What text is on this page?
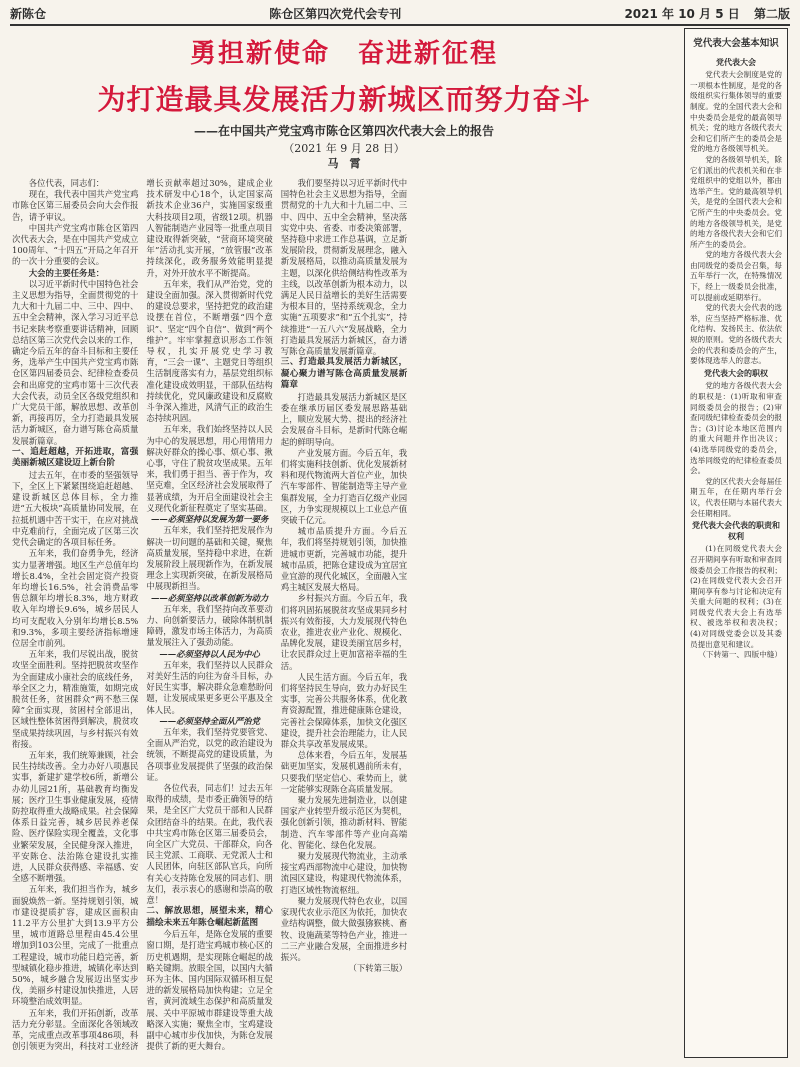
新陈仓	陈仓区第四次党代会专刊	2021 年 10 月 5 日 第二版
勇担新使命　奋进新征程
为打造最具发展活力新城区而努力奋斗
——在中国共产党宝鸡市陈仓区第四次代表大会上的报告
（2021 年 9 月 28 日）
马　霄

各位代表，同志们：

现在，我代表中国共产党宝鸡市陈仓区第三届委员会向大会作报告，请予审议。

中国共产党宝鸡市陈仓区第四次代表大会，是在中国共产党成立100周年、“十四五”开局之年召开的一次十分重要的会议。

大会的主要任务是：

以习近平新时代中国特色社会主义思想为指导，全面贯彻党的十九大和十九届二中、三中、四中、五中全会精神，深入学习习近平总书记来陕考察重要讲话精神，回顾总结区第三次党代会以来的工作，确定今后五年的奋斗目标和主要任务，选举产生中国共产党宝鸡市陈仓区第四届委员会、纪律检查委员会和出席党的宝鸡市第十三次代表大会代表，动员全区各级党组织和广大党员干部，解放思想、改革创新，再接再厉，全力打造最具发展活力新城区，奋力谱写陈仓高质量发展新篇章。

一、追赶超越，开拓进取，富强美丽新城区建设迈上新台阶

过去五年，在市委的坚强领导下，全区上下紧紧围绕追赶超越、建设新城区总体目标，全力推进“五大板块”高质量协同发展，在拉抵机遇中苦干实干，在应对挑战中克难前行，全面完成了区第三次党代会确定的各项目标任务。

五年来，我们奋勇争先，经济实力显著增强。地区生产总值年均增长8.4%，全社会固定资产投资年均增长16.5%，社会消费品零售总额年均增长8.3%，地方财政收入年均增长9.6%，城乡居民人均可支配收入分别年均增长8.5%和9.3%，多项主要经济指标增速位居全市前列。

五年来，我们尽锐出战，脱贫攻坚全面胜利。坚持把脱贫攻坚作为全面建成小康社会的底线任务，举全区之力，精准施策，如期完成脱贫任务，贫困群众“两不愁三保障”全面实现，贫困村全部退出，区域性整体贫困得到解决，脱贫攻坚成果持续巩固，与乡村振兴有效衔接。

五年来，我们统筹兼顾，社会民生持续改善。全力办好八项惠民实事，新建扩建学校6所，新增公办幼儿园21所，基础教育均衡发展；医疗卫生事业健康发展，疫情防控取得重大战略成果。社会保障体系日益完善，城乡居民养老保险、医疗保险实现全覆盖，文化事业繁荣发展，全民健身深入推进，平安陈仓、法治陈仓建设扎实推进，人民群众获得感、幸福感、安全感不断增强。

五年来，我们担当作为，城乡面貌焕然一新。坚持规划引领，城市建设提质扩容，建成区面积由11.2平方公里扩大到13.9平方公里，城市道路总里程由45.4公里增加到103公里，完成了一批重点工程建设，城市功能日趋完善，新型城镇化稳步推进，城镇化率达到50%，城乡融合发展迈出坚实步伐，美丽乡村建设加快推进，人居环境整治成效明显。

五年来，我们开拓创新，改革活力充分彰显。全面深化各领域改革，完成重点改革事项486项，科创引领更为突出，科技对工业经济增长贡献率超过30%，建成企业技术研发中心18个，认定国家高新技术企业36户，实施国家级重大科技项目2项，省级12项。机器人智能制造产业园等一批重点项目建设取得新突破，“营商环境突破年”活动扎实开展，“放管服”改革持续深化，政务服务效能明显提升，对外开放水平不断提高。

五年来，我们从严治党，党的建设全面加强。深入贯彻新时代党的建设总要求，坚持把党的政治建设摆在首位，不断增强“四个意识”、坚定“四个自信”、做到“两个维护”。牢牢掌握意识形态工作领导权，扎实开展党史学习教育，“三会一课”、主题党日等组织生活制度落实有力，基层党组织标准化建设成效明显，干部队伍结构持续优化，党风廉政建设和反腐败斗争深入推进，风清气正的政治生态持续巩固。

五年来，我们始终坚持以人民为中心的发展思想，用心用情用力解决好群众的操心事、烦心事、揪心事，守住了脱贫攻坚成果。五年来，我们勇于担当、善于作为，攻坚克难，全区经济社会发展取得了显著成绩，为开启全面建设社会主义现代化新征程奠定了坚实基础。

——必须坚持以发展为第一要务

五年来，我们坚持把发展作为解决一切问题的基础和关键，聚焦高质量发展，坚持稳中求进，在新发展阶段上展现新作为，在新发展理念上实现新突破，在新发展格局中展现新担当。

——必须坚持以改革创新为动力

五年来，我们坚持向改革要动力、向创新要活力，破除体制机制障碍，激发市场主体活力，为高质量发展注入了强劲动能。

——必须坚持以人民为中心

五年来，我们坚持以人民群众对美好生活的向往为奋斗目标，办好民生实事，解决群众急难愁盼问题，让发展成果更多更公平惠及全体人民。

——必须坚持全面从严治党

五年来，我们坚持党要管党、全面从严治党，以党的政治建设为统领，不断提高党的建设质量，为各项事业发展提供了坚强的政治保证。

各位代表，同志们！过去五年取得的成绩，是市委正确领导的结果，是全区广大党员干部和人民群众团结奋斗的结果。在此，我代表中共宝鸡市陈仓区第三届委员会，向全区广大党员、干部群众，向各民主党派、工商联、无党派人士和人民团体，向驻区部队官兵，向所有关心支持陈仓发展的同志们、朋友们，表示衷心的感谢和崇高的敬意！

二、解放思想，展望未来，精心描绘未来五年陈仓崛起新蓝图

今后五年，是陈仓发展的重要窗口期，是打造宝鸡城市核心区的历史机遇期，是实现陈仓崛起的战略关键期。放眼全国，以国内大循环为主体、国内国际双循环相互促进的新发展格局加快构建；立足全省，黄河流域生态保护和高质量发展、关中平原城市群建设等重大战略深入实施；聚焦全市，宝鸡建设副中心城市步伐加快，为陈仓发展提供了新的更大舞台。

我们要坚持以习近平新时代中国特色社会主义思想为指导，全面贯彻党的十九大和十九届二中、三中、四中、五中全会精神，坚决落实党中央、省委、市委决策部署，坚持稳中求进工作总基调，立足新发展阶段，贯彻新发展理念，融入新发展格局，以推动高质量发展为主题，以深化供给侧结构性改革为主线，以改革创新为根本动力，以满足人民日益增长的美好生活需要为根本目的，坚持系统观念，全力实施“五项要求”和“五个扎实”，持续推进“一五八六”发展战略，全力打造最具发展活力新城区，奋力谱写陈仓高质量发展新篇章。

三、打造最具发展活力新城区，凝心聚力谱写陈仓高质量发展新篇章

打造最具发展活力新城区是区委在继承历届区委发展思路基础上，顺应发展大势、提出的经济社会发展奋斗目标，是新时代陈仓崛起的鲜明导向。

产业发展方面。今后五年，我们将实施科技创新、优化发展新材料和现代物流两大首位产业，加快汽车零部件、智能制造等主导产业集群发展，全力打造百亿级产业园区，力争实现规模以上工业总产值突破千亿元。

城市品质提升方面。今后五年，我们将坚持规划引领，加快推进城市更新，完善城市功能，提升城市品质，把陈仓建设成为宜居宜业宜游的现代化城区，全面融入宝鸡主城区发展大格局。

乡村振兴方面。今后五年，我们将巩固拓展脱贫攻坚成果同乡村振兴有效衔接，大力发展现代特色农业，推进农业产业化、规模化、品牌化发展，建设美丽宜居乡村，让农民群众过上更加富裕幸福的生活。

人民生活方面。今后五年，我们将坚持民生导向，致力办好民生实事，完善公共服务体系，优化教育资源配置，推进健康陈仓建设，完善社会保障体系，加快文化强区建设，提升社会治理能力，让人民群众共享改革发展成果。

总体来看，今后五年，发展基础更加坚实，发展机遇前所未有，只要我们坚定信心、乘势而上，就一定能够实现陈仓高质量发展。

聚力发展先进制造业，以创建国家产业转型升级示范区为契机，强化创新引领，推动新材料、智能制造、汽车零部件等产业向高端化、智能化、绿色化发展。

聚力发展现代物流业，主动承接宝鸡西部物流中心建设，加快物流园区建设，构建现代物流体系，打造区域性物流枢纽。

聚力发展现代特色农业，以国家现代农业示范区为依托，加快农业结构调整，做大做强猕猴桃、畜牧、设施蔬菜等特色产业，推进一二三产业融合发展，全面推进乡村振兴。

（下转第三版）

党代表大会基本知识
党代表大会

党代表大会制度是党的一项根本性制度，是党的各级组织实行集体领导的重要制度。党的全国代表大会和中央委员会是党的最高领导机关；党的地方各级代表大会和它们所产生的委员会是党的地方各级领导机关。

党的各级领导机关，除它们派出的代表机关和在非党组织中的党组以外，都由选举产生。党的最高领导机关，是党的全国代表大会和它所产生的中央委员会。党的地方各级领导机关，是党的地方各级代表大会和它们所产生的委员会。

党的地方各级代表大会由同级党的委员会召集，每五年举行一次，在特殊情况下，经上一级委员会批准，可以提前或延期举行。

党的代表大会代表的选举，应当坚持严格标准、优化结构、发扬民主、依法依规的原则。党的各级代表大会的代表和委员会的产生，要体现选举人的意志。

党代表大会的职权

党的地方各级代表大会的职权是：(1)听取和审查同级委员会的报告；(2)审查同级纪律检查委员会的报告；(3)讨论本地区范围内的重大问题并作出决议；(4)选举同级党的委员会，选举同级党的纪律检查委员会。

党的区代表大会每届任期五年，在任期内举行会议，代表任期与本届代表大会任期相同。

党代表大会代表的职责和权利

(1)在同级党代表大会召开期间享有听取和审查同级委员会工作报告的权利；(2)在同级党代表大会召开期间享有参与讨论和决定有关重大问题的权利；(3)在同级党代表大会上有选举权、被选举权和表决权；(4)对同级党委会以及其委员提出意见和建议。

（下转第一、四版中缝）
